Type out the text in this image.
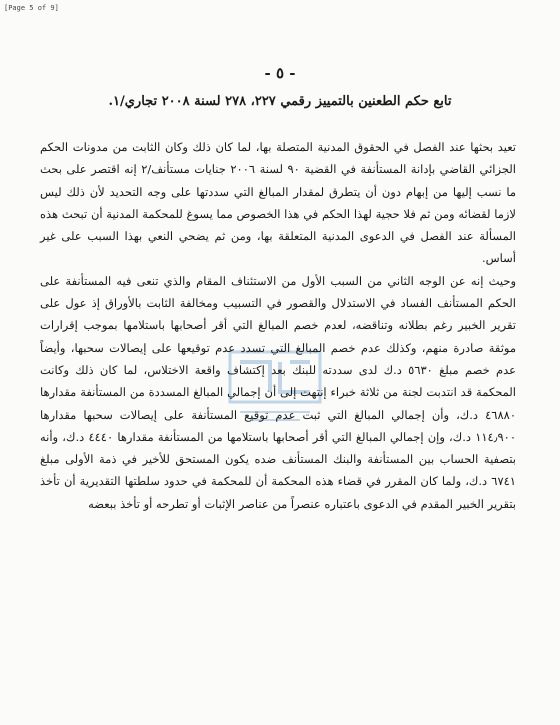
[Page 5 of 9]
- ٥ -
تابع حكم الطعنين بالتمييز رقمي ٢٢٧، ٢٧٨ لسنة ٢٠٠٨ تجاري/١.

تعيد بحثها عند الفصل في الحقوق المدنية المتصلة بها، لما كان ذلك وكان الثابت من مدونات الحكم الجزائي القاضي بإدانة المستأنفة في القضية ٩٠ لسنة ٢٠٠٦ جنايات مستأنف/٢ إنه اقتصر على بحث ما نسب إليها من إبهام دون أن يتطرق لمقدار المبالغ التي سددتها على وجه التحديد لأن ذلك ليس لازما لقضائه ومن ثم فلا حجية لهذا الحكم في هذا الخصوص مما يسوغ للمحكمة المدنية أن تبحث هذه المسألة عند الفصل في الدعوى المدنية المتعلقة بها، ومن ثم يضحي النعي بهذا السبب على غير أساس.

وحيث إنه عن الوجه الثاني من السبب الأول من الاستئناف المقام والذي تنعى فيه المستأنفة على الحكم المستأنف الفساد في الاستدلال والقصور في التسبيب ومخالفة الثابت بالأوراق إذ عول على تقرير الخبير رغم بطلانه وتناقضه، لعدم خصم المبالغ التي أقر أصحابها باستلامها بموجب إقرارات موثقة صادرة منهم، وكذلك عدم خصم المبالغ التي تسدد عدم توقيعها على إيصالات سحبها، وأيضاً عدم خصم مبلغ ٥٦٣٠ د.ك لدى سددته للبنك بعد إكتشاف واقعة الاختلاس، لما كان ذلك وكانت المحكمة قد انتدبت لجنة من ثلاثة خبراء إنتهت إلى أن إجمالي المبالغ المسددة من المستأنفة مقدارها ٤٦٨٨٠ د.ك، وأن إجمالي المبالغ التي ثبت عدم توقيع المستأنفة على إيصالات سحبها مقدارها ١١٤٫٩٠٠ د.ك، وإن إجمالي المبالغ التي أقر أصحابها باستلامها من المستأنفة مقدارها ٤٤٤٠ د.ك، وأنه بتصفية الحساب بين المستأنفة والبنك المستأنف ضده يكون المستحق للأخير في ذمة الأولى مبلغ ٦٧٤١ د.ك، ولما كان المقرر في قضاء هذه المحكمة أن للمحكمة في حدود سلطتها التقديرية أن تأخذ بتقرير الخبير المقدم في الدعوى باعتباره عنصراً من عناصر الإثبات أو تطرحه أو تأخذ ببعضه
